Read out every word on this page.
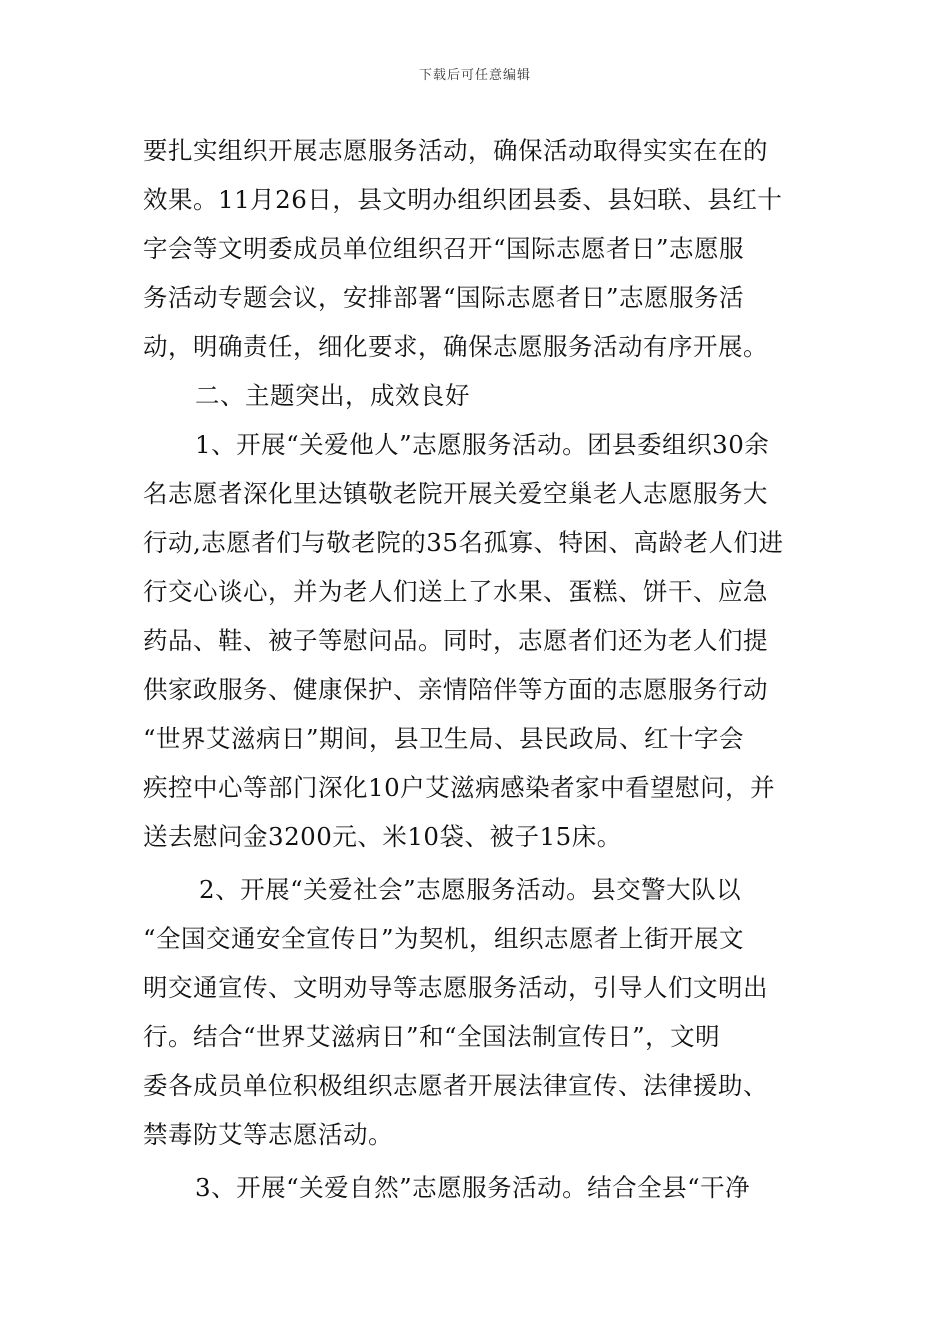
下载后可任意编辑
要扎实组织开展志愿服务活动，确保活动取得实实在在的
效果。11月26日，县文明办组织团县委、县妇联、县红十
字会等文明委成员单位组织召开“国际志愿者日”志愿服
务活动专题会议，安排部署“国际志愿者日”志愿服务活
动，明确责任，细化要求，确保志愿服务活动有序开展。
二、主题突出，成效良好
1、开展“关爱他人”志愿服务活动。团县委组织30余
名志愿者深化里达镇敬老院开展关爱空巢老人志愿服务大
行动,志愿者们与敬老院的35名孤寡、特困、高龄老人们进
行交心谈心，并为老人们送上了水果、蛋糕、饼干、应急
药品、鞋、被子等慰问品。同时，志愿者们还为老人们提
供家政服务、健康保护、亲情陪伴等方面的志愿服务行动
“世界艾滋病日”期间，县卫生局、县民政局、红十字会
疾控中心等部门深化10户艾滋病感染者家中看望慰问，并
送去慰问金3200元、米10袋、被子15床。
2、开展“关爱社会”志愿服务活动。县交警大队以
“全国交通安全宣传日”为契机，组织志愿者上街开展文
明交通宣传、文明劝导等志愿服务活动，引导人们文明出
行。结合“世界艾滋病日”和“全国法制宣传日”，文明
委各成员单位积极组织志愿者开展法律宣传、法律援助、
禁毒防艾等志愿活动。
3、开展“关爱自然”志愿服务活动。结合全县“干净
